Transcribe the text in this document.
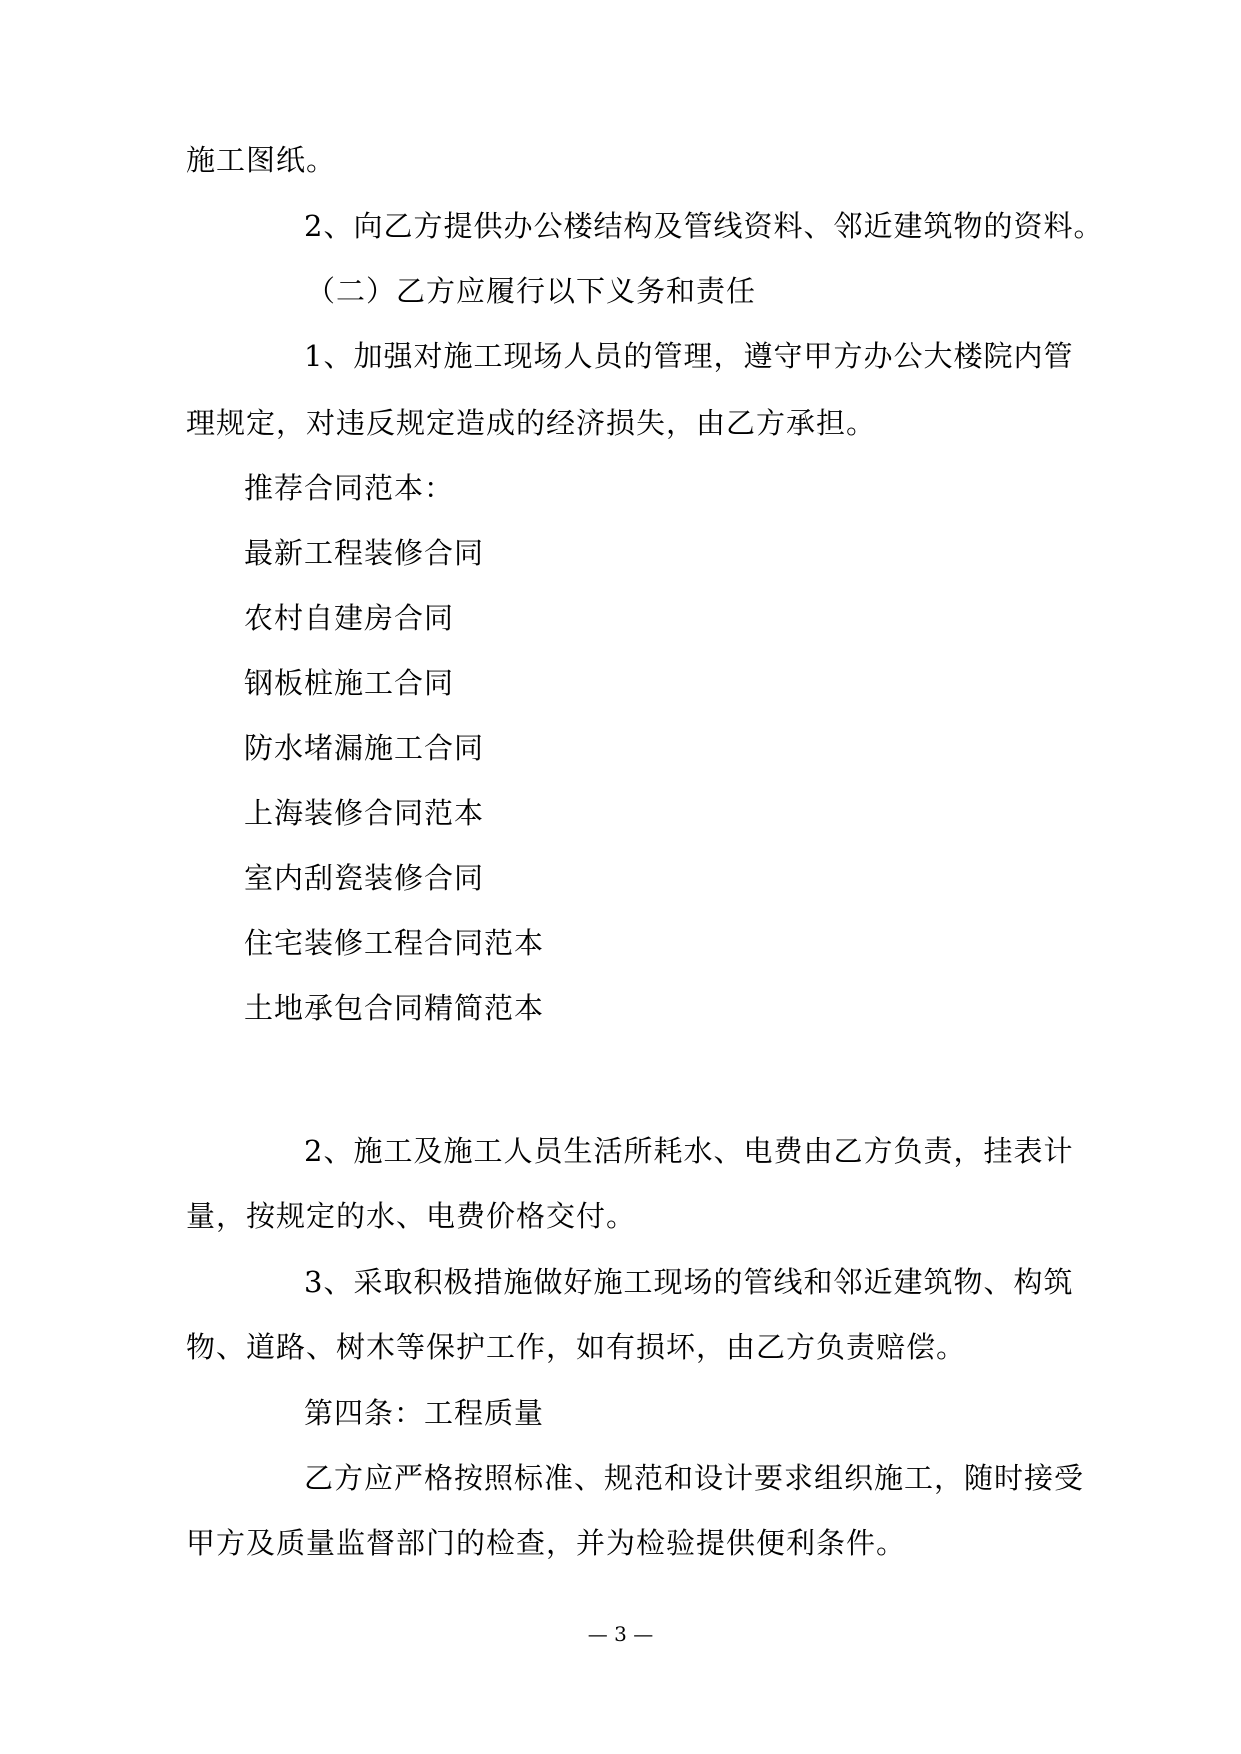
施工图纸。

2、向乙方提供办公楼结构及管线资料、邻近建筑物的资料。

（二）乙方应履行以下义务和责任

1、加强对施工现场人员的管理，遵守甲方办公大楼院内管

理规定，对违反规定造成的经济损失，由乙方承担。

推荐合同范本：

最新工程装修合同

农村自建房合同

钢板桩施工合同

防水堵漏施工合同

上海装修合同范本

室内刮瓷装修合同

住宅装修工程合同范本

土地承包合同精简范本

2、施工及施工人员生活所耗水、电费由乙方负责，挂表计

量，按规定的水、电费价格交付。

3、采取积极措施做好施工现场的管线和邻近建筑物、构筑

物、道路、树木等保护工作，如有损坏，由乙方负责赔偿。

第四条：工程质量

乙方应严格按照标准、规范和设计要求组织施工，随时接受

甲方及质量监督部门的检查，并为检验提供便利条件。

— 3 —
